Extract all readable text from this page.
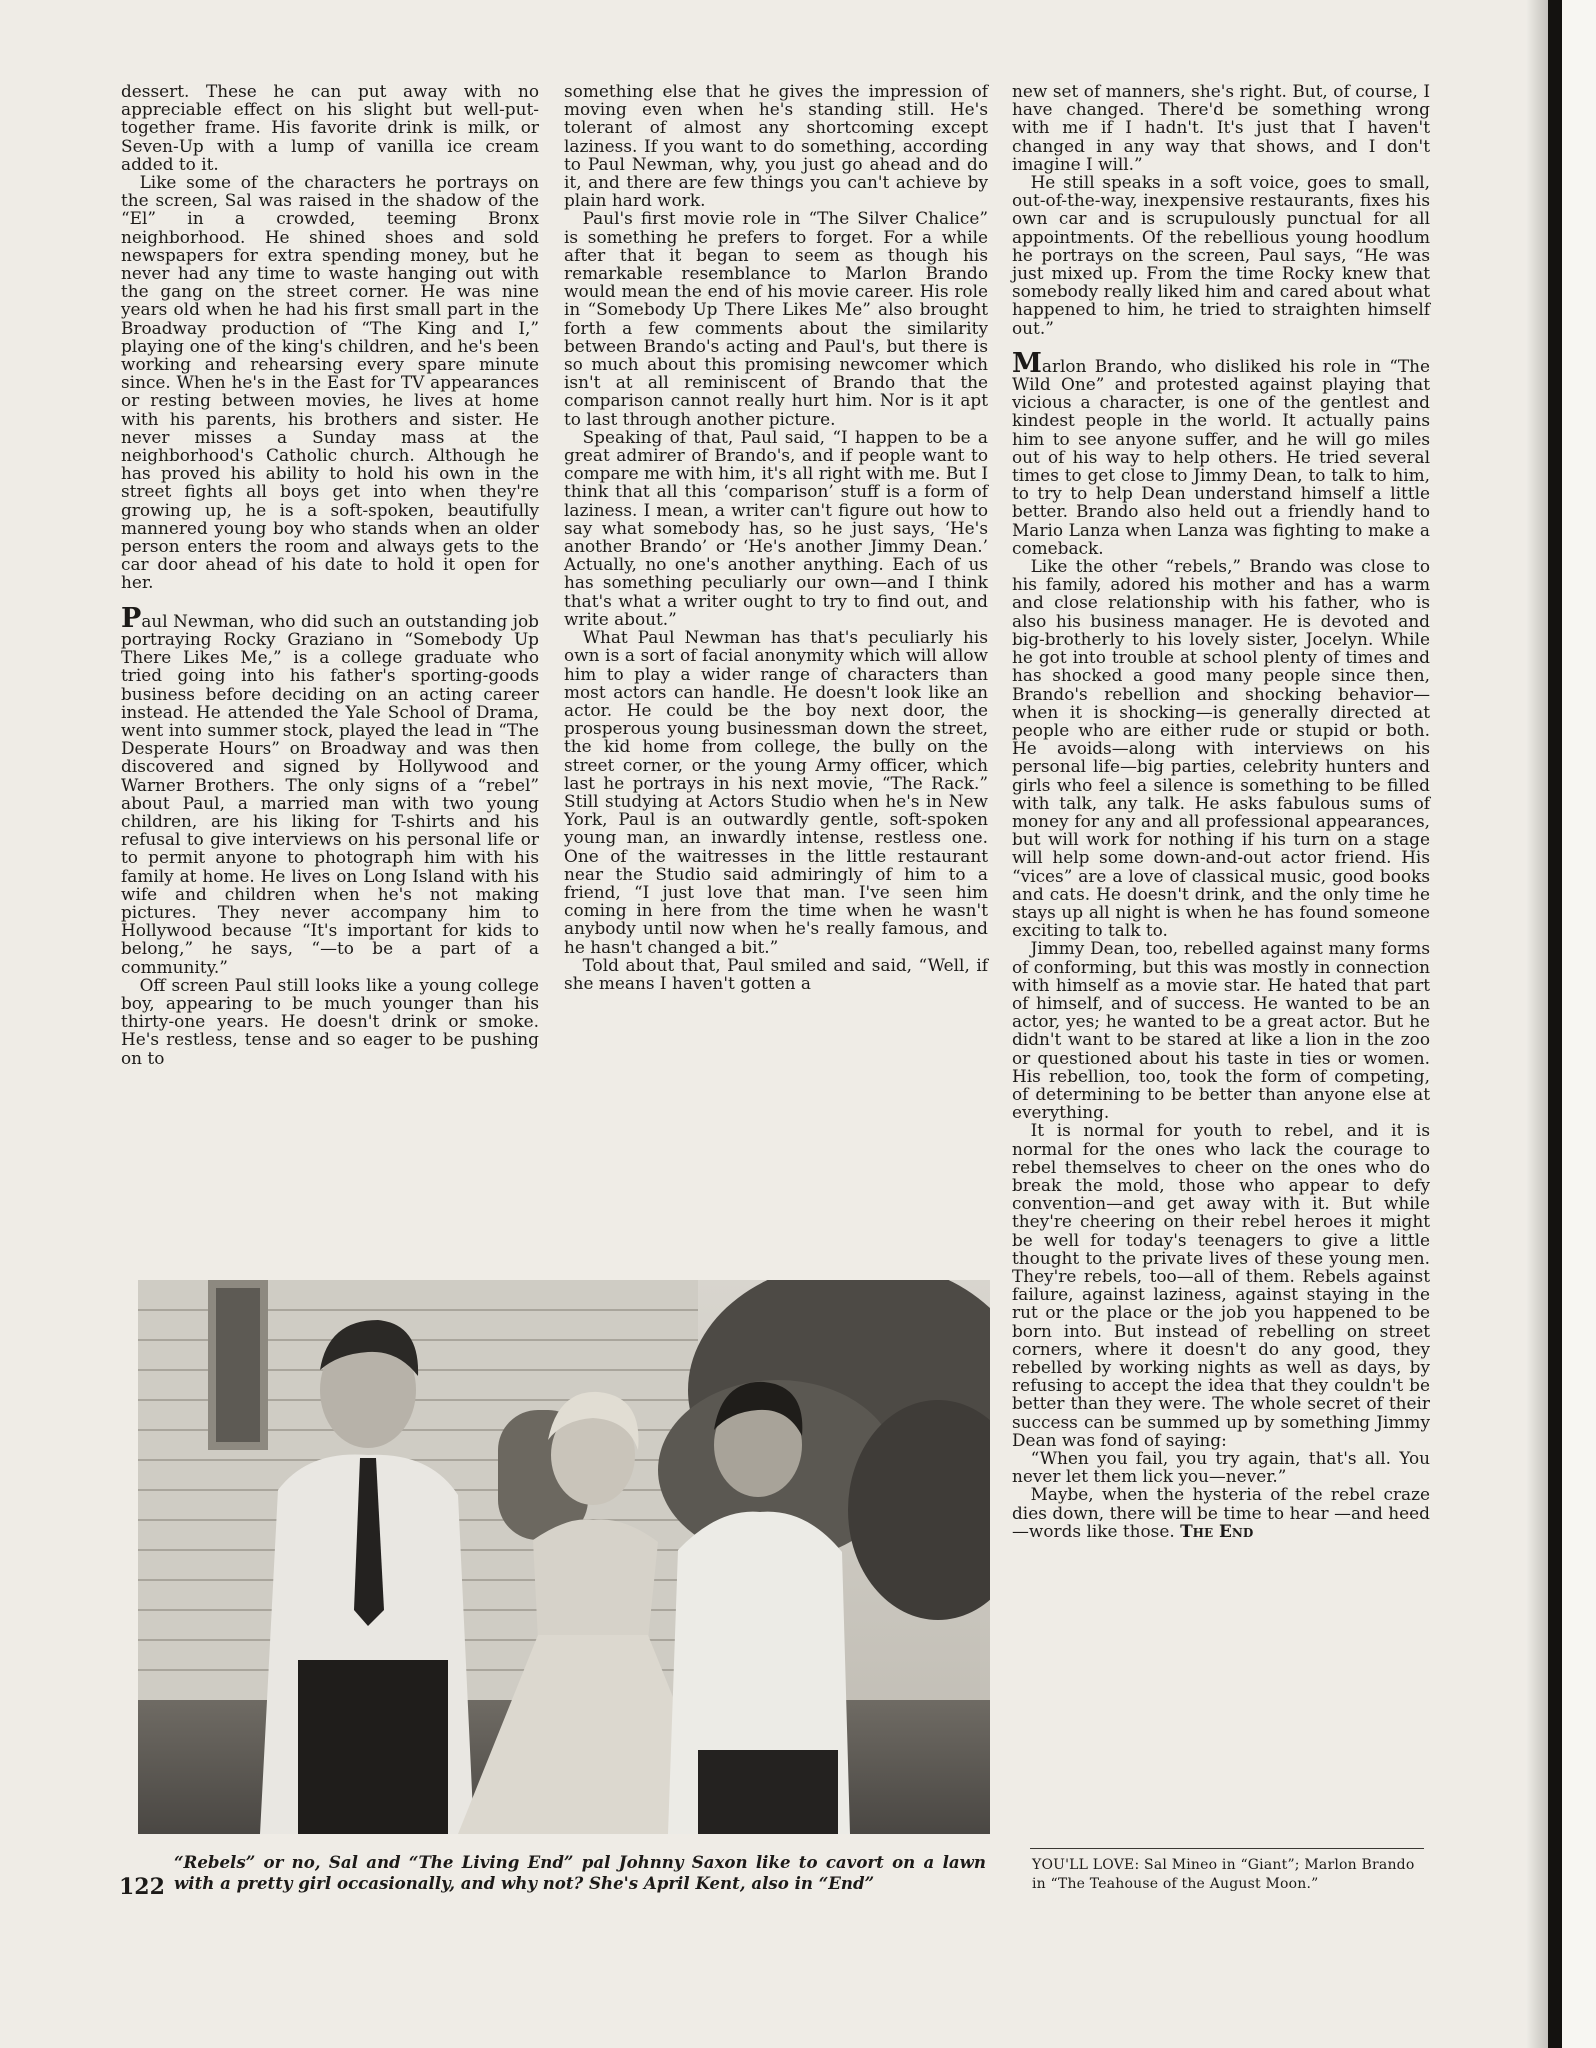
dessert. These he can put away with no appreciable effect on his slight but well-put-together frame. His favorite drink is milk, or Seven-Up with a lump of vanilla ice cream added to it.

Like some of the characters he portrays on the screen, Sal was raised in the shadow of the “El” in a crowded, teeming Bronx neighborhood. He shined shoes and sold newspapers for extra spending money, but he never had any time to waste hanging out with the gang on the street corner. He was nine years old when he had his first small part in the Broadway production of “The King and I,” playing one of the king's children, and he's been working and rehearsing every spare minute since. When he's in the East for TV appearances or resting between movies, he lives at home with his parents, his brothers and sister. He never misses a Sunday mass at the neighborhood's Catholic church. Although he has proved his ability to hold his own in the street fights all boys get into when they're growing up, he is a soft-spoken, beautifully mannered young boy who stands when an older person enters the room and always gets to the car door ahead of his date to hold it open for her.

Paul Newman, who did such an outstanding job portraying Rocky Graziano in “Somebody Up There Likes Me,” is a college graduate who tried going into his father's sporting-goods business before deciding on an acting career instead. He attended the Yale School of Drama, went into summer stock, played the lead in “The Desperate Hours” on Broadway and was then discovered and signed by Hollywood and Warner Brothers. The only signs of a “rebel” about Paul, a married man with two young children, are his liking for T-shirts and his refusal to give interviews on his personal life or to permit anyone to photograph him with his family at home. He lives on Long Island with his wife and children when he's not making pictures. They never accompany him to Hollywood because “It's important for kids to belong,” he says, “—to be a part of a community.”

Off screen Paul still looks like a young college boy, appearing to be much younger than his thirty-one years. He doesn't drink or smoke. He's restless, tense and so eager to be pushing on to

something else that he gives the impression of moving even when he's standing still. He's tolerant of almost any shortcoming except laziness. If you want to do something, according to Paul Newman, why, you just go ahead and do it, and there are few things you can't achieve by plain hard work.

Paul's first movie role in “The Silver Chalice” is something he prefers to forget. For a while after that it began to seem as though his remarkable resemblance to Marlon Brando would mean the end of his movie career. His role in “Somebody Up There Likes Me” also brought forth a few comments about the similarity between Brando's acting and Paul's, but there is so much about this promising newcomer which isn't at all reminiscent of Brando that the comparison cannot really hurt him. Nor is it apt to last through another picture.

Speaking of that, Paul said, “I happen to be a great admirer of Brando's, and if people want to compare me with him, it's all right with me. But I think that all this ‘comparison’ stuff is a form of laziness. I mean, a writer can't figure out how to say what somebody has, so he just says, ‘He's another Brando’ or ‘He's another Jimmy Dean.’ Actually, no one's another anything. Each of us has something peculiarly our own—and I think that's what a writer ought to try to find out, and write about.”

What Paul Newman has that's peculiarly his own is a sort of facial anonymity which will allow him to play a wider range of characters than most actors can handle. He doesn't look like an actor. He could be the boy next door, the prosperous young businessman down the street, the kid home from college, the bully on the street corner, or the young Army officer, which last he portrays in his next movie, “The Rack.” Still studying at Actors Studio when he's in New York, Paul is an outwardly gentle, soft-spoken young man, an inwardly intense, restless one. One of the waitresses in the little restaurant near the Studio said admiringly of him to a friend, “I just love that man. I've seen him coming in here from the time when he wasn't anybody until now when he's really famous, and he hasn't changed a bit.”

Told about that, Paul smiled and said, “Well, if she means I haven't gotten a

new set of manners, she's right. But, of course, I have changed. There'd be something wrong with me if I hadn't. It's just that I haven't changed in any way that shows, and I don't imagine I will.”

He still speaks in a soft voice, goes to small, out-of-the-way, inexpensive restaurants, fixes his own car and is scrupulously punctual for all appointments. Of the rebellious young hoodlum he portrays on the screen, Paul says, “He was just mixed up. From the time Rocky knew that somebody really liked him and cared about what happened to him, he tried to straighten himself out.”

Marlon Brando, who disliked his role in “The Wild One” and protested against playing that vicious a character, is one of the gentlest and kindest people in the world. It actually pains him to see anyone suffer, and he will go miles out of his way to help others. He tried several times to get close to Jimmy Dean, to talk to him, to try to help Dean understand himself a little better. Brando also held out a friendly hand to Mario Lanza when Lanza was fighting to make a comeback.

Like the other “rebels,” Brando was close to his family, adored his mother and has a warm and close relationship with his father, who is also his business manager. He is devoted and big-brotherly to his lovely sister, Jocelyn. While he got into trouble at school plenty of times and has shocked a good many people since then, Brando's rebellion and shocking behavior—when it is shocking—is generally directed at people who are either rude or stupid or both. He avoids—along with interviews on his personal life—big parties, celebrity hunters and girls who feel a silence is something to be filled with talk, any talk. He asks fabulous sums of money for any and all professional appearances, but will work for nothing if his turn on a stage will help some down-and-out actor friend. His “vices” are a love of classical music, good books and cats. He doesn't drink, and the only time he stays up all night is when he has found someone exciting to talk to.

Jimmy Dean, too, rebelled against many forms of conforming, but this was mostly in connection with himself as a movie star. He hated that part of himself, and of success. He wanted to be an actor, yes; he wanted to be a great actor. But he didn't want to be stared at like a lion in the zoo or questioned about his taste in ties or women. His rebellion, too, took the form of competing, of determining to be better than anyone else at everything.

It is normal for youth to rebel, and it is normal for the ones who lack the courage to rebel themselves to cheer on the ones who do break the mold, those who appear to defy convention—and get away with it. But while they're cheering on their rebel heroes it might be well for today's teenagers to give a little thought to the private lives of these young men. They're rebels, too—all of them. Rebels against failure, against laziness, against staying in the rut or the place or the job you happened to be born into. But instead of rebelling on street corners, where it doesn't do any good, they rebelled by working nights as well as days, by refusing to accept the idea that they couldn't be better than they were. The whole secret of their success can be summed up by something Jimmy Dean was fond of saying:

“When you fail, you try again, that's all. You never let them lick you—never.”

Maybe, when the hysteria of the rebel craze dies down, there will be time to hear —and heed—words like those. The End

“Rebels” or no, Sal and “The Living End” pal Johnny Saxon like to cavort on a lawn with a pretty girl occasionally, and why not? She's April Kent, also in “End”
122
YOU'LL LOVE: Sal Mineo in “Giant”; Marlon Brando in “The Teahouse of the August Moon.”
